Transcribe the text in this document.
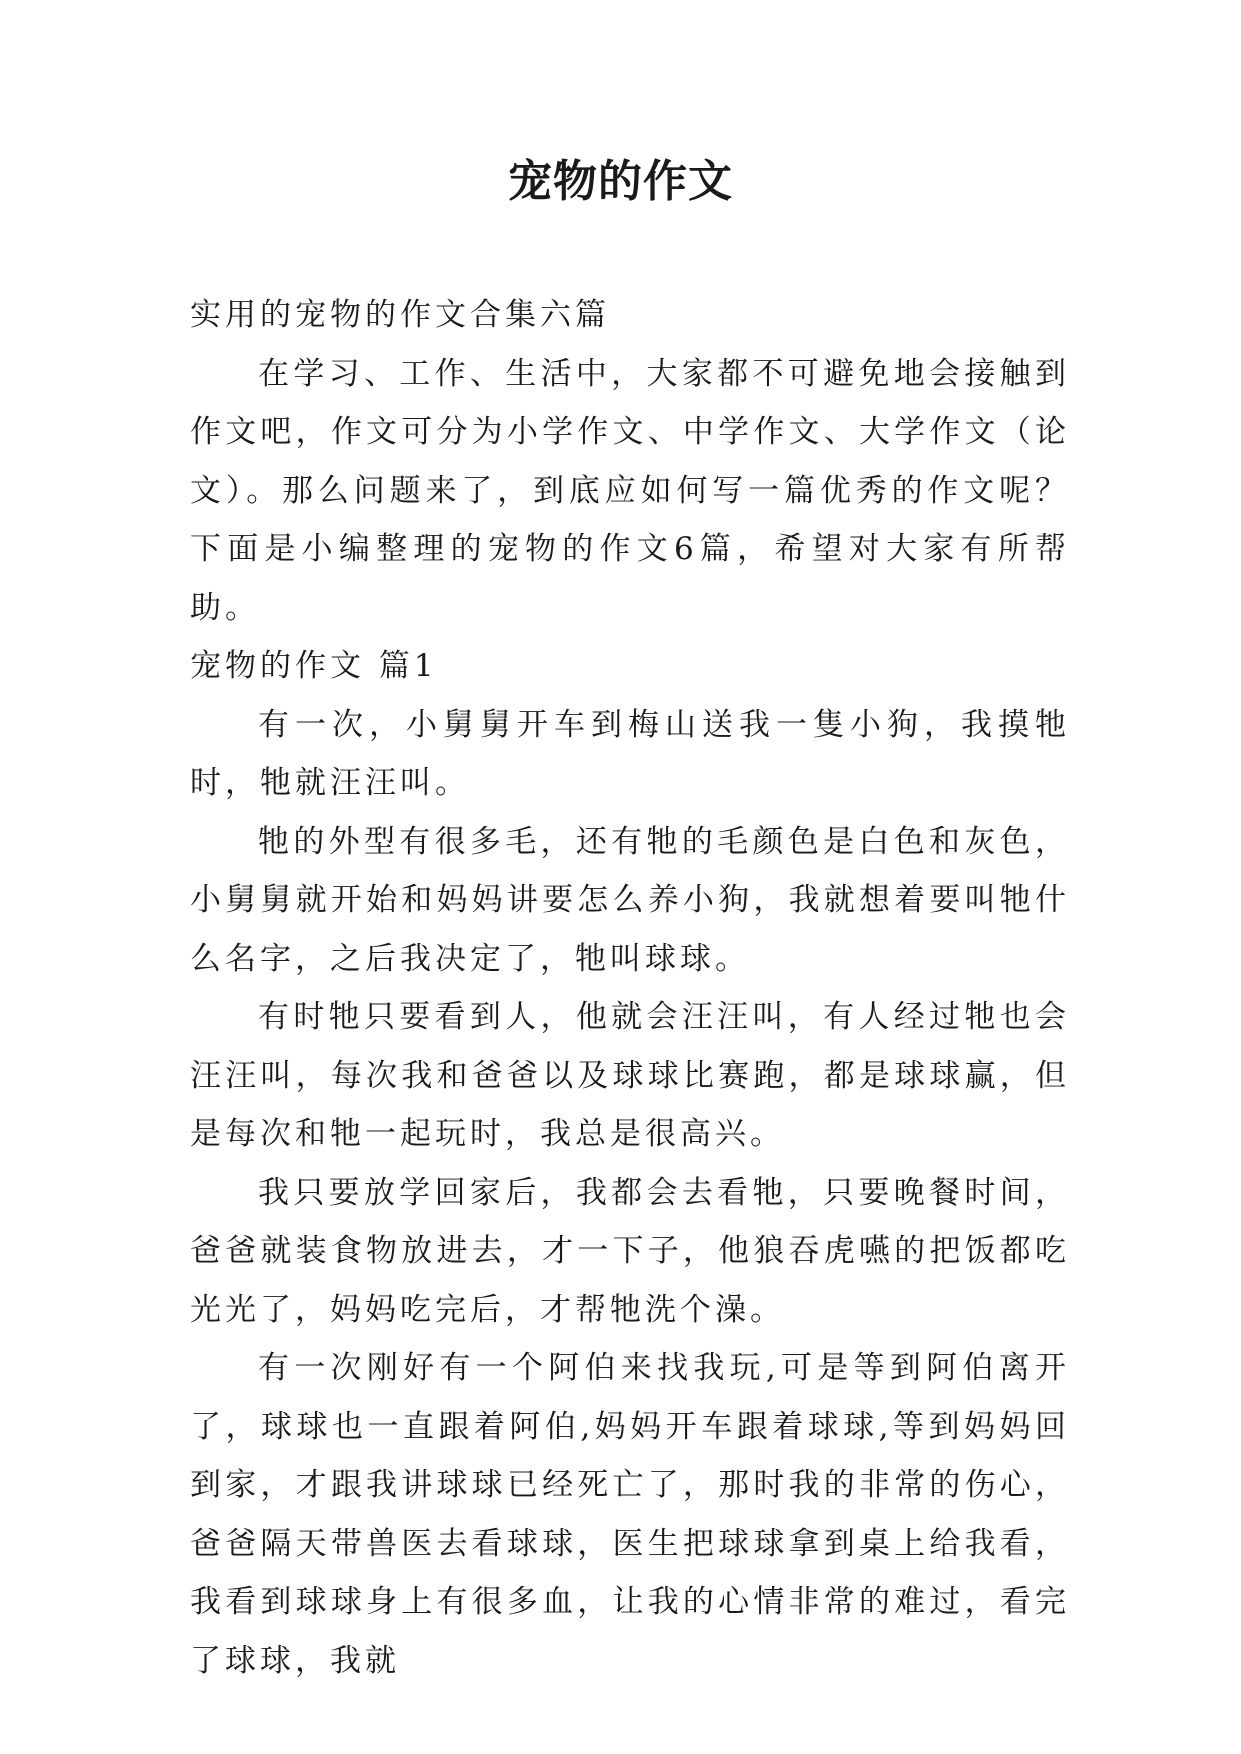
宠物的作文

实用的宠物的作文合集六篇

在学习、工作、生活中，大家都不可避免地会接触到作文吧，作文可分为小学作文、中学作文、大学作文（论文）。那么问题来了，到底应如何写一篇优秀的作文呢？下面是小编整理的宠物的作文6篇，希望对大家有所帮助。

宠物的作文 篇1

有一次，小舅舅开车到梅山送我一隻小狗，我摸牠时，牠就汪汪叫。

牠的外型有很多毛，还有牠的毛颜色是白色和灰色，小舅舅就开始和妈妈讲要怎么养小狗，我就想着要叫牠什么名字，之后我决定了，牠叫球球。

有时牠只要看到人，他就会汪汪叫，有人经过牠也会汪汪叫，每次我和爸爸以及球球比赛跑，都是球球赢，但是每次和牠一起玩时，我总是很高兴。

我只要放学回家后，我都会去看牠，只要晚餐时间，爸爸就装食物放进去，才一下子，他狼吞虎嚥的把饭都吃光光了，妈妈吃完后，才帮牠洗个澡。

有一次刚好有一个阿伯来找我玩,可是等到阿伯离开了，球球也一直跟着阿伯,妈妈开车跟着球球,等到妈妈回到家，才跟我讲球球已经死亡了，那时我的非常的伤心，爸爸隔天带兽医去看球球，医生把球球拿到桌上给我看，我看到球球身上有很多血，让我的心情非常的难过，看完了球球，我就
